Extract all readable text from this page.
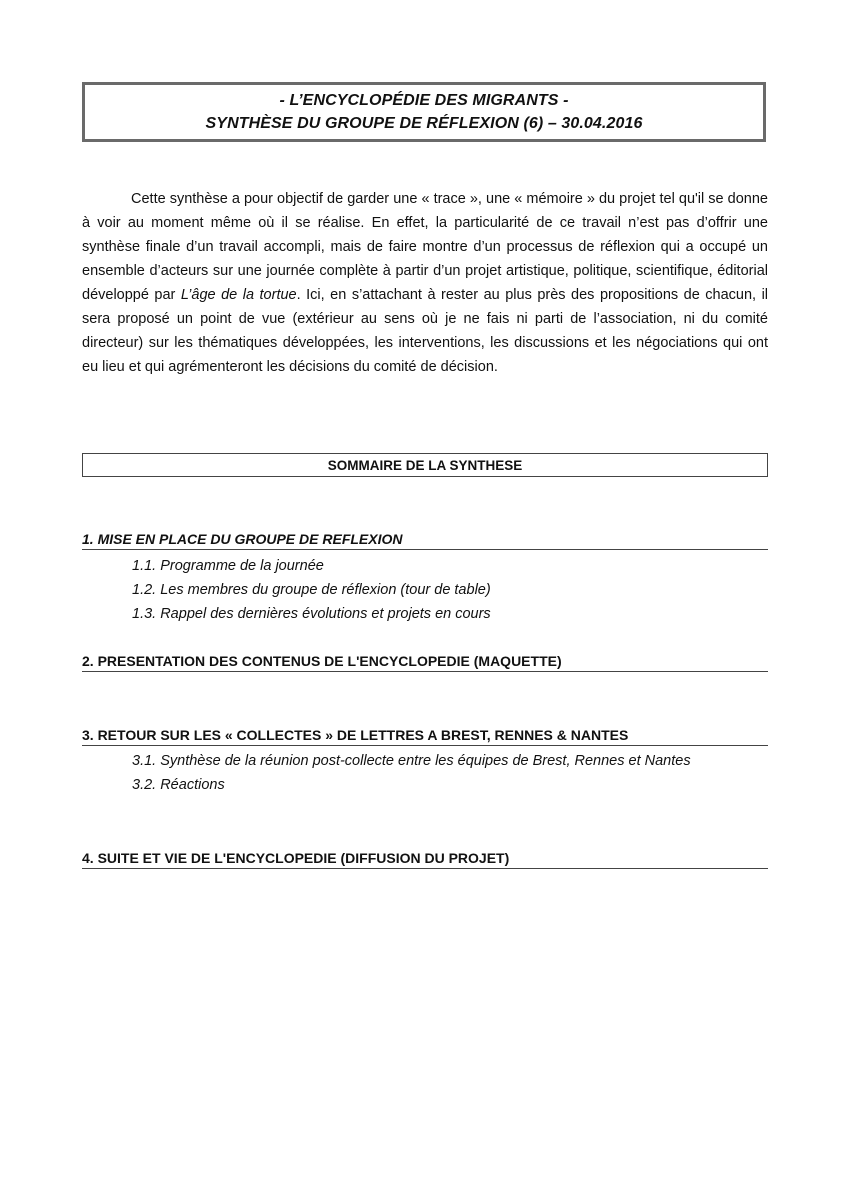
- L’ENCYCLOPÉDIE DES MIGRANTS -
SYNTHÈSE DU GROUPE DE RÉFLEXION (6) – 30.04.2016

Cette synthèse a pour objectif de garder une « trace », une « mémoire » du projet tel qu'il se donne à voir au moment même où il se réalise. En effet, la particularité de ce travail n’est pas d’offrir une synthèse finale d’un travail accompli, mais de faire montre d’un processus de réflexion qui a occupé un ensemble d’acteurs sur une journée complète à partir d’un projet artistique, politique, scientifique, éditorial développé par L’âge de la tortue. Ici, en s’attachant à rester au plus près des propositions de chacun, il sera proposé un point de vue (extérieur au sens où je ne fais ni parti de l’association, ni du comité directeur) sur les thématiques développées, les interventions, les discussions et les négociations qui ont eu lieu et qui agrémenteront les décisions du comité de décision.

SOMMAIRE DE LA SYNTHESE
1. MISE EN PLACE DU GROUPE DE REFLEXION
1.1. Programme de la journée
1.2. Les membres du groupe de réflexion (tour de table)
1.3. Rappel des dernières évolutions et projets en cours
2. PRESENTATION DES CONTENUS DE L'ENCYCLOPEDIE (MAQUETTE)
3. RETOUR SUR LES « COLLECTES » DE LETTRES A BREST, RENNES & NANTES
3.1. Synthèse de la réunion post-collecte entre les équipes de Brest, Rennes et Nantes
3.2. Réactions
4. SUITE ET VIE DE L'ENCYCLOPEDIE (DIFFUSION DU PROJET)
